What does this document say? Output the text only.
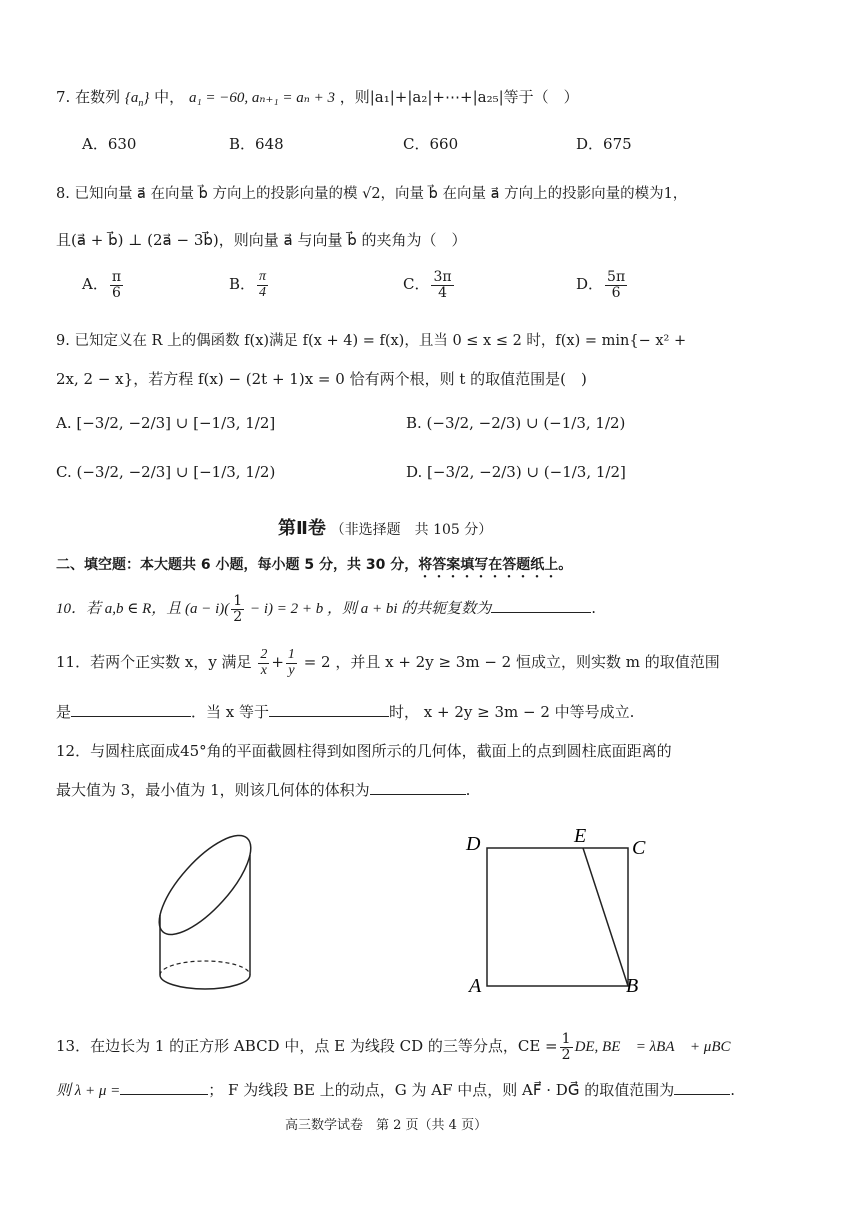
7. 在数列 $\{a_n\}$ 中， a₁ = −60, aₙ₊₁ = aₙ + 3 ，则|a₁|+|a₂|+⋯+|a₂₅|等于（　）
A．630	B．648	C．660	D．675
8. 已知向量 a⃗ 在向量 b⃗ 方向上的投影向量的模 √2，向量 b⃗ 在向量 a⃗ 方向上的投影向量的模为1，
且(a⃗ + b⃗) ⊥ (2a⃗ − 3b⃗)，则向量 a⃗ 与向量 b⃗ 的夹角为（　）
A． $\frac{\pi}{6}$	B． $\frac{\pi}{4}$	C． $\frac{3\pi}{4}$	D． $\frac{5\pi}{6}$
9. 已知定义在 R 上的偶函数 f(x)满足 f(x + 4) = f(x)，且当 0 ≤ x ≤ 2 时，f(x) = min{− x² +
2x, 2 − x}，若方程 f(x) − (2t + 1)x = 0 恰有两个根，则 t 的取值范围是(　)
A. [−3/2, −2/3] ∪ [−1/3, 1/2]	B. (−3/2, −2/3) ∪ (−1/3, 1/2)
C. (−3/2, −2/3] ∪ [−1/3, 1/2)	D. [−3/2, −2/3) ∪ (−1/3, 1/2]
第Ⅱ卷 （非选择题　共 105 分）
二、填空题：本大题共 6 小题，每小题 5 分，共 30 分，将答案填写在答题纸上。
10．若 a,b ∈ R，且 $(a - i)( \frac{1}{2} - i) = 2 + b$ ，则 a + bi 的共轭复数为	.
11．若两个正实数 x，y 满足 $\frac{2}{x} + \frac{1}{y} = 2$ ，并且 x + 2y ≥ 3m − 2 恒成立，则实数 m 的取值范围
是	．当 x 等于	时， x + 2y ≥ 3m − 2 中等号成立.
12．与圆柱底面成45°角的平面截圆柱得到如图所示的几何体，截面上的点到圆柱底面距离的
最大值为 3，最小值为 1，则该几何体的体积为	.
D	E
C
A	B
13．在边长为 1 的正方形 ABCD 中，点 E 为线段 CD 的三等分点，CE = $\frac{1}{2}$ DE, BE⃗ = λBA⃗ + μBC⃗ ，
则 λ + μ =	； F 为线段 BE 上的动点，G 为 AF 中点，则 AF⃗ · DG⃗ 的取值范围为	.
高三数学试卷　第 2 页（共 4 页）
